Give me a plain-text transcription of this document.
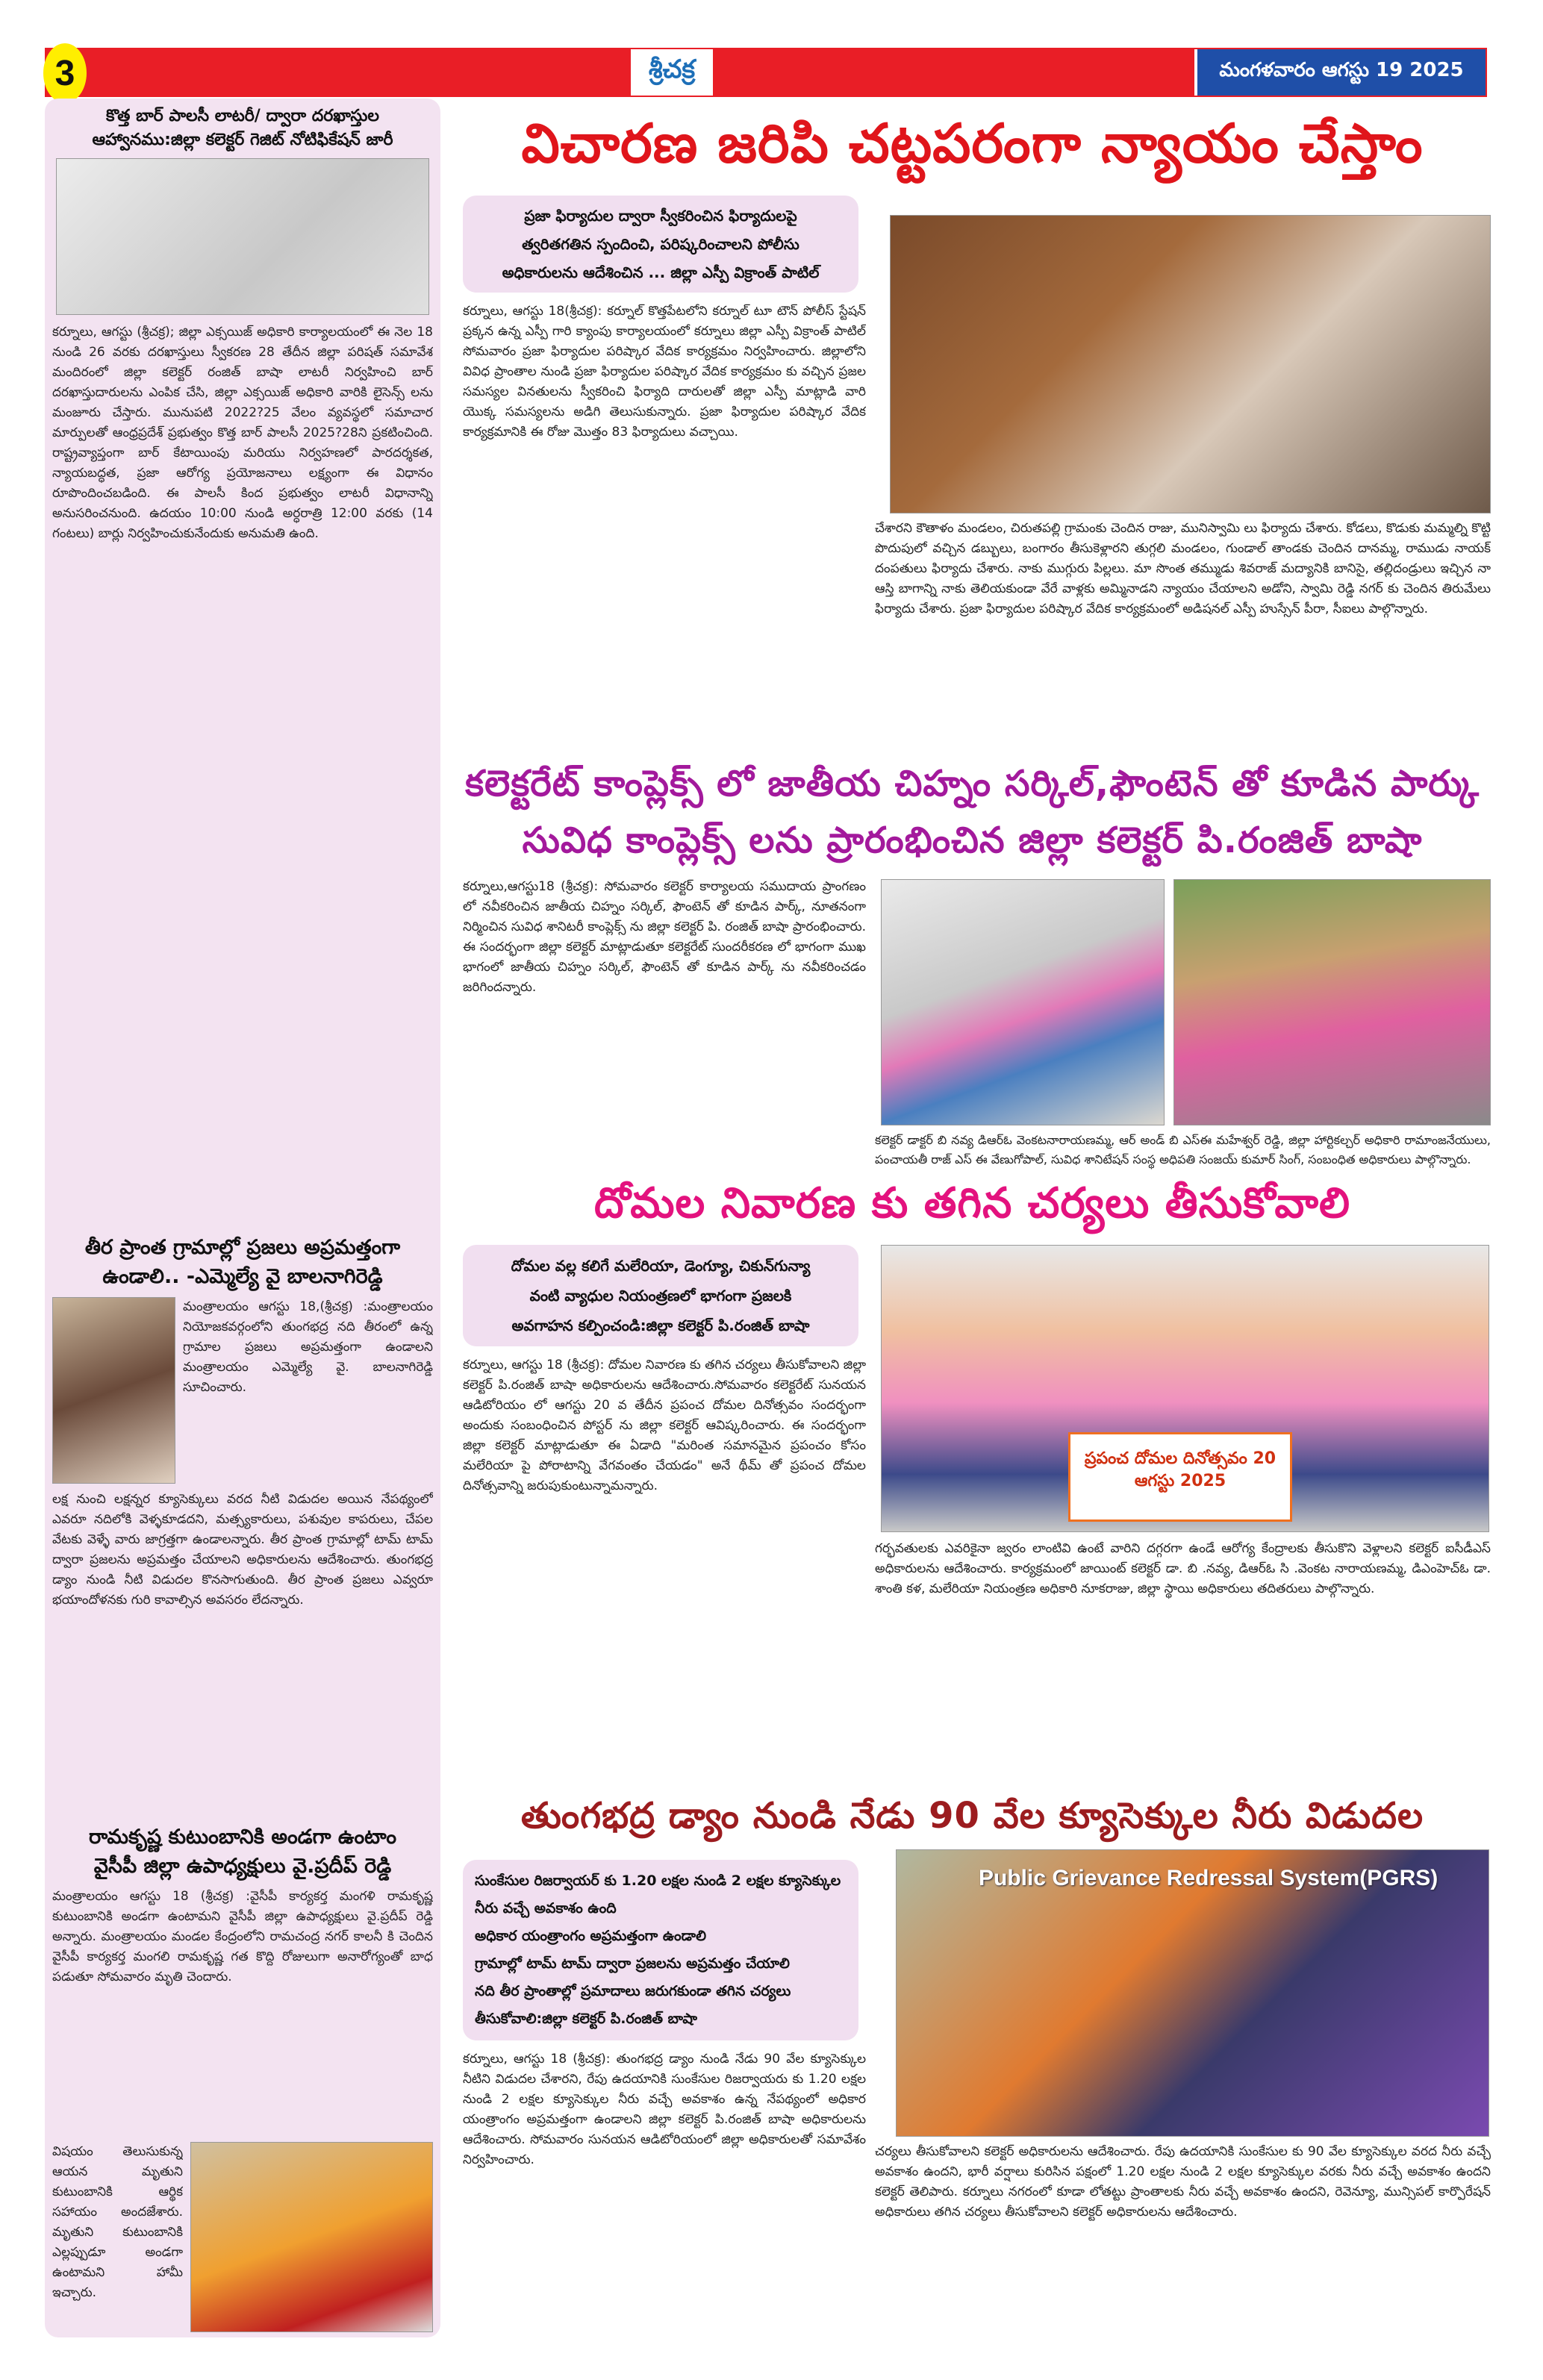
3	శ్రీచక్ర	మంగళవారం ఆగస్టు 19 2025
కొత్త బార్ పాలసీ లాటరీ/ ద్వారా దరఖాస్తుల
ఆహ్వానము:జిల్లా కలెక్టర్ గెజిట్ నోటిఫికేషన్ జారీ
కర్నూలు, ఆగస్టు (శ్రీచక్ర); జిల్లా ఎక్సయిజ్ అధికారి కార్యాలయంలో ఈ నెల 18 నుండి 26 వరకు దరఖాస్తులు స్వీకరణ 28 తేదీన జిల్లా పరిషత్ సమావేశ మందిరంలో జిల్లా కలెక్టర్ రంజిత్ బాషా లాటరీ నిర్వహించి బార్ దరఖాస్తుదారులను ఎంపిక చేసి, జిల్లా ఎక్సయిజ్ అధికారి వారికి లైసెన్స్ లను మంజూరు చేస్తారు. మునుపటి 2022?25 వేలం వ్యవస్థలో సమాచార మార్పులతో ఆంధ్రప్రదేశ్ ప్రభుత్వం కొత్త బార్ పాలసీ 2025?28ని ప్రకటించింది. రాష్ట్రవ్యాప్తంగా బార్ కేటాయింపు మరియు నిర్వహణలో పారదర్శకత, న్యాయబద్ధత, ప్రజా ఆరోగ్య ప్రయోజనాలు లక్ష్యంగా ఈ విధానం రూపొందించబడింది. ఈ పాలసీ కింద ప్రభుత్వం లాటరీ విధానాన్ని అనుసరించనుంది. ఉదయం 10:00 నుండి అర్ధరాత్రి 12:00 వరకు (14 గంటలు) బార్లు నిర్వహించుకునేందుకు అనుమతి ఉంది.
తీర ప్రాంత గ్రామాల్లో ప్రజలు అప్రమత్తంగా
ఉండాలి.. -ఎమ్మెల్యే వై బాలనాగిరెడ్డి
మంత్రాలయం ఆగస్టు 18,(శ్రీచక్ర) :మంత్రాలయం నియోజకవర్గంలోని తుంగభద్ర నది తీరంలో ఉన్న గ్రామాల ప్రజలు అప్రమత్తంగా ఉండాలని మంత్రాలయం ఎమ్మెల్యే వై. బాలనాగిరెడ్డి సూచించారు.
లక్ష నుంచి లక్షన్నర క్యూసెక్కులు వరద నీటి విడుదల అయిన నేపథ్యంలో ఎవరూ నదిలోకి వెళ్ళకూడదని, మత్స్యకారులు, పశువుల కాపరులు, చేపల వేటకు వెళ్ళే వారు జాగ్రత్తగా ఉండాలన్నారు. తీర ప్రాంత గ్రామాల్లో టామ్ టామ్ ద్వారా ప్రజలను అప్రమత్తం చేయాలని అధికారులను ఆదేశించారు. తుంగభద్ర డ్యాం నుండి నీటి విడుదల కొనసాగుతుంది. తీర ప్రాంత ప్రజలు ఎవ్వరూ భయాందోళనకు గురి కావాల్సిన అవసరం లేదన్నారు.
రామకృష్ణ కుటుంబానికి అండగా ఉంటాం
వైసీపీ జిల్లా ఉపాధ్యక్షులు వై.ప్రదీప్ రెడ్డి
మంత్రాలయం ఆగస్టు 18 (శ్రీచక్ర) :వైసీపీ కార్యకర్త మంగళి రామకృష్ణ కుటుంబానికి అండగా ఉంటామని వైసీపీ జిల్లా ఉపాధ్యక్షులు వై.ప్రదీప్ రెడ్డి అన్నారు. మంత్రాలయం మండల కేంద్రంలోని రామచంద్ర నగర్ కాలనీ కి చెందిన వైసీపీ కార్యకర్త మంగలి రామకృష్ణ గత కొద్ది రోజులుగా అనారోగ్యంతో బాధ పడుతూ సోమవారం మృతి చెందారు.
విషయం తెలుసుకున్న ఆయన మృతుని కుటుంబానికి ఆర్థిక సహాయం అందజేశారు. మృతుని కుటుంబానికి ఎల్లప్పుడూ అండగా ఉంటామని హామీ ఇచ్చారు.
విచారణ జరిపి చట్టపరంగా న్యాయం చేస్తాం
ప్రజా ఫిర్యాదుల ద్వారా స్వీకరించిన ఫిర్యాదులపై
త్వరితగతిన స్పందించి, పరిష్కరించాలని పోలీసు
అధికారులను ఆదేశించిన ... జిల్లా ఎస్పీ విక్రాంత్ పాటిల్
కర్నూలు, ఆగస్టు 18(శ్రీచక్ర): కర్నూల్ కొత్తపేటలోని కర్నూల్ టూ టౌన్ పోలీస్ స్టేషన్ ప్రక్కన ఉన్న ఎస్పీ గారి క్యాంపు కార్యాలయంలో కర్నూలు జిల్లా ఎస్పీ విక్రాంత్ పాటిల్ సోమవారం ప్రజా ఫిర్యాదుల పరిష్కార వేదిక కార్యక్రమం నిర్వహించారు. జిల్లాలోని వివిధ ప్రాంతాల నుండి ప్రజా ఫిర్యాదుల పరిష్కార వేదిక కార్యక్రమం కు వచ్చిన ప్రజల సమస్యల వినతులను స్వీకరించి ఫిర్యాది దారులతో జిల్లా ఎస్పీ మాట్లాడి వారి యొక్క సమస్యలను అడిగి తెలుసుకున్నారు. ప్రజా ఫిర్యాదుల పరిష్కార వేదిక కార్యక్రమానికి ఈ రోజు మొత్తం 83 ఫిర్యాదులు వచ్చాయి.
చేశారని కౌతాళం మండలం, చిరుతపల్లి గ్రామంకు చెందిన రాజు, మునిస్వామి లు ఫిర్యాదు చేశారు. కోడలు, కొడుకు మమ్మల్ని కొట్టి పొదుపులో వచ్చిన డబ్బులు, బంగారం తీసుకెళ్లారని తుగ్గలి మండలం, గుండాల్ తాండకు చెందిన దానమ్మ, రాముడు నాయక్ దంపతులు ఫిర్యాదు చేశారు. నాకు ముగ్గురు పిల్లలు. మా సొంత తమ్ముడు శివరాజ్ మద్యానికి బానిసై, తల్లిదండ్రులు ఇచ్చిన నా ఆస్తి బాగాన్ని నాకు తెలియకుండా వేరే వాళ్లకు అమ్మినాడని న్యాయం చేయాలని అడోని, స్వామి రెడ్డి నగర్ కు చెందిన తిరుమేలు ఫిర్యాదు చేశారు. ప్రజా ఫిర్యాదుల పరిష్కార వేదిక కార్యక్రమంలో అడిషనల్ ఎస్పీ హుస్సేన్ పీరా, సీఐలు పాల్గొన్నారు.
కలెక్టరేట్ కాంప్లెక్స్ లో జాతీయ చిహ్నం సర్కిల్,ఫౌంటెన్ తో కూడిన పార్కు
సువిధ కాంప్లెక్స్ లను ప్రారంభించిన జిల్లా కలెక్టర్ పి.రంజిత్ బాషా
కర్నూలు,ఆగస్టు18 (శ్రీచక్ర): సోమవారం కలెక్టర్ కార్యాలయ సముదాయ ప్రాంగణం లో నవీకరించిన జాతీయ చిహ్నం సర్కిల్, ఫౌంటెన్ తో కూడిన పార్క్, నూతనంగా నిర్మించిన సువిధ శానిటరీ కాంప్లెక్స్ ను జిల్లా కలెక్టర్ పి. రంజిత్ బాషా ప్రారంభించారు. ఈ సందర్భంగా జిల్లా కలెక్టర్ మాట్లాడుతూ కలెక్టరేట్ సుందరీకరణ లో భాగంగా ముఖ భాగంలో జాతీయ చిహ్నం సర్కిల్, ఫౌంటెన్ తో కూడిన పార్క్ ను నవీకరించడం జరిగిందన్నారు.
కలెక్టర్ డాక్టర్ బి నవ్య డిఆర్ఓ వెంకటనారాయణమ్మ, ఆర్ అండ్ బి ఎస్ఈ మహేశ్వర్ రెడ్డి, జిల్లా హార్టికల్చర్ అధికారి రామాంజనేయులు, పంచాయతీ రాజ్ ఎస్ ఈ వేణుగోపాల్, సువిధ శానిటేషన్ సంస్థ అధిపతి సంజయ్ కుమార్ సింగ్, సంబంధిత అధికారులు పాల్గొన్నారు.
దోమల నివారణ కు తగిన చర్యలు తీసుకోవాలి
దోమల వల్ల కలిగే మలేరియా, డెంగ్యూ, చికున్‌గున్యా
వంటి వ్యాధుల నియంత్రణలో భాగంగా ప్రజలకి
అవగాహన కల్పించండి:జిల్లా కలెక్టర్ పి.రంజిత్ బాషా
కర్నూలు, ఆగస్టు 18 (శ్రీచక్ర): దోమల నివారణ కు తగిన చర్యలు తీసుకోవాలని జిల్లా కలెక్టర్ పి.రంజిత్ బాషా అధికారులను ఆదేశించారు.సోమవారం కలెక్టరేట్ సునయన ఆడిటోరియం లో ఆగస్టు 20 వ తేదీన ప్రపంచ దోమల దినోత్సవం సందర్భంగా అందుకు సంబంధించిన పోస్టర్ ను జిల్లా కలెక్టర్ ఆవిష్కరించారు. ఈ సందర్భంగా జిల్లా కలెక్టర్ మాట్లాడుతూ ఈ ఏడాది "మరింత సమానమైన ప్రపంచం కోసం మలేరియా పై పోరాటాన్ని వేగవంతం చేయడం" అనే థీమ్ తో ప్రపంచ దోమల దినోత్సవాన్ని జరుపుకుంటున్నామన్నారు.
ప్రపంచ దోమల దినోత్సవం 20 ఆగస్టు 2025
గర్భవతులకు ఎవరికైనా జ్వరం లాంటివి ఉంటే వారిని దగ్గరగా ఉండే ఆరోగ్య కేంద్రాలకు తీసుకొని వెళ్లాలని కలెక్టర్ ఐసీడీఎస్ అధికారులను ఆదేశించారు. కార్యక్రమంలో జాయింట్ కలెక్టర్ డా. బి .నవ్య, డిఆర్ఓ సి .వెంకట నారాయణమ్మ, డిఎంహెచ్ఓ డా. శాంతి కళ, మలేరియా నియంత్రణ అధికారి నూకరాజు, జిల్లా స్థాయి అధికారులు తదితరులు పాల్గొన్నారు.
తుంగభద్ర డ్యాం నుండి నేడు 90 వేల క్యూసెక్కుల నీరు విడుదల
సుంకేసుల రిజర్వాయర్ కు 1.20 లక్షల నుండి 2 లక్షల క్యూసెక్కుల నీరు వచ్చే అవకాశం ఉంది
అధికార యంత్రాంగం అప్రమత్తంగా ఉండాలి
గ్రామాల్లో టామ్ టామ్ ద్వారా ప్రజలను అప్రమత్తం చేయాలి
నది తీర ప్రాంతాల్లో ప్రమాదాలు జరుగకుండా తగిన చర్యలు తీసుకోవాలి:జిల్లా కలెక్టర్ పి.రంజిత్ బాషా
కర్నూలు, ఆగస్టు 18 (శ్రీచక్ర): తుంగభద్ర డ్యాం నుండి నేడు 90 వేల క్యూసెక్కుల నీటిని విడుదల చేశారని, రేపు ఉదయానికి సుంకేసుల రిజర్వాయరు కు 1.20 లక్షల నుండి 2 లక్షల క్యూసెక్కుల నీరు వచ్చే అవకాశం ఉన్న నేపథ్యంలో అధికార యంత్రాంగం అప్రమత్తంగా ఉండాలని జిల్లా కలెక్టర్ పి.రంజిత్ బాషా అధికారులను ఆదేశించారు. సోమవారం సునయన ఆడిటోరియంలో జిల్లా అధికారులతో సమావేశం నిర్వహించారు.
Public Grievance Redressal System(PGRS)
చర్యలు తీసుకోవాలని కలెక్టర్ అధికారులను ఆదేశించారు. రేపు ఉదయానికి సుంకేసుల కు 90 వేల క్యూసెక్కుల వరద నీరు వచ్చే అవకాశం ఉందని, భారీ వర్షాలు కురిసిన పక్షంలో 1.20 లక్షల నుండి 2 లక్షల క్యూసెక్కుల వరకు నీరు వచ్చే అవకాశం ఉందని కలెక్టర్ తెలిపారు. కర్నూలు నగరంలో కూడా లోతట్టు ప్రాంతాలకు నీరు వచ్చే అవకాశం ఉందని, రెవెన్యూ, మున్సిపల్ కార్పొరేషన్ అధికారులు తగిన చర్యలు తీసుకోవాలని కలెక్టర్ అధికారులను ఆదేశించారు.
